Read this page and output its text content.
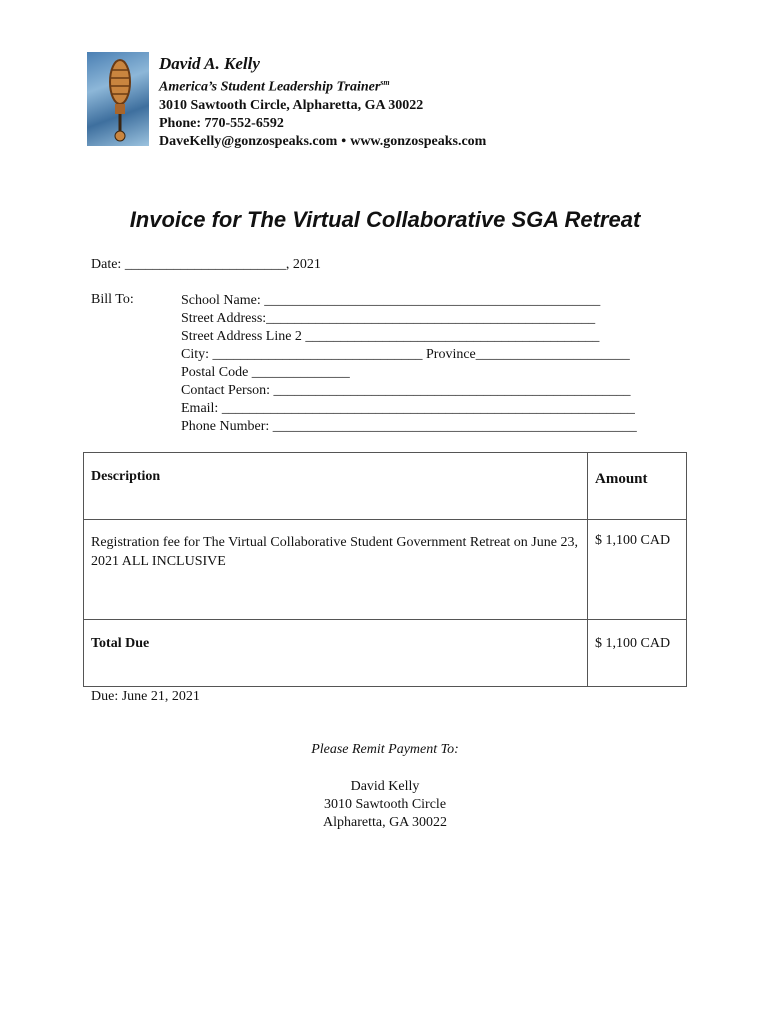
David A. Kelly
America’s Student Leadership Trainer$^{sm}$
3010 Sawtooth Circle, Alpharetta, GA 30022
Phone: 770-552-6592
DaveKelly@gonzospeaks.com • www.gonzospeaks.com
Invoice for The Virtual Collaborative SGA Retreat
Date: _______________________, 2021
Bill To:	School Name: ________________________________________________
Street Address:_______________________________________________
Street Address Line 2 __________________________________________
City: ______________________________ Province______________________
Postal Code ______________
Contact Person: ___________________________________________________
Email: ___________________________________________________________
Phone Number: ____________________________________________________
Description	Amount
Registration fee for The Virtual Collaborative Student Government Retreat on June 23, 2021 ALL INCLUSIVE	$ 1,100 CAD
Total Due	$ 1,100 CAD
Due: June 21, 2021
Please Remit Payment To:
David Kelly
3010 Sawtooth Circle
Alpharetta, GA 30022
